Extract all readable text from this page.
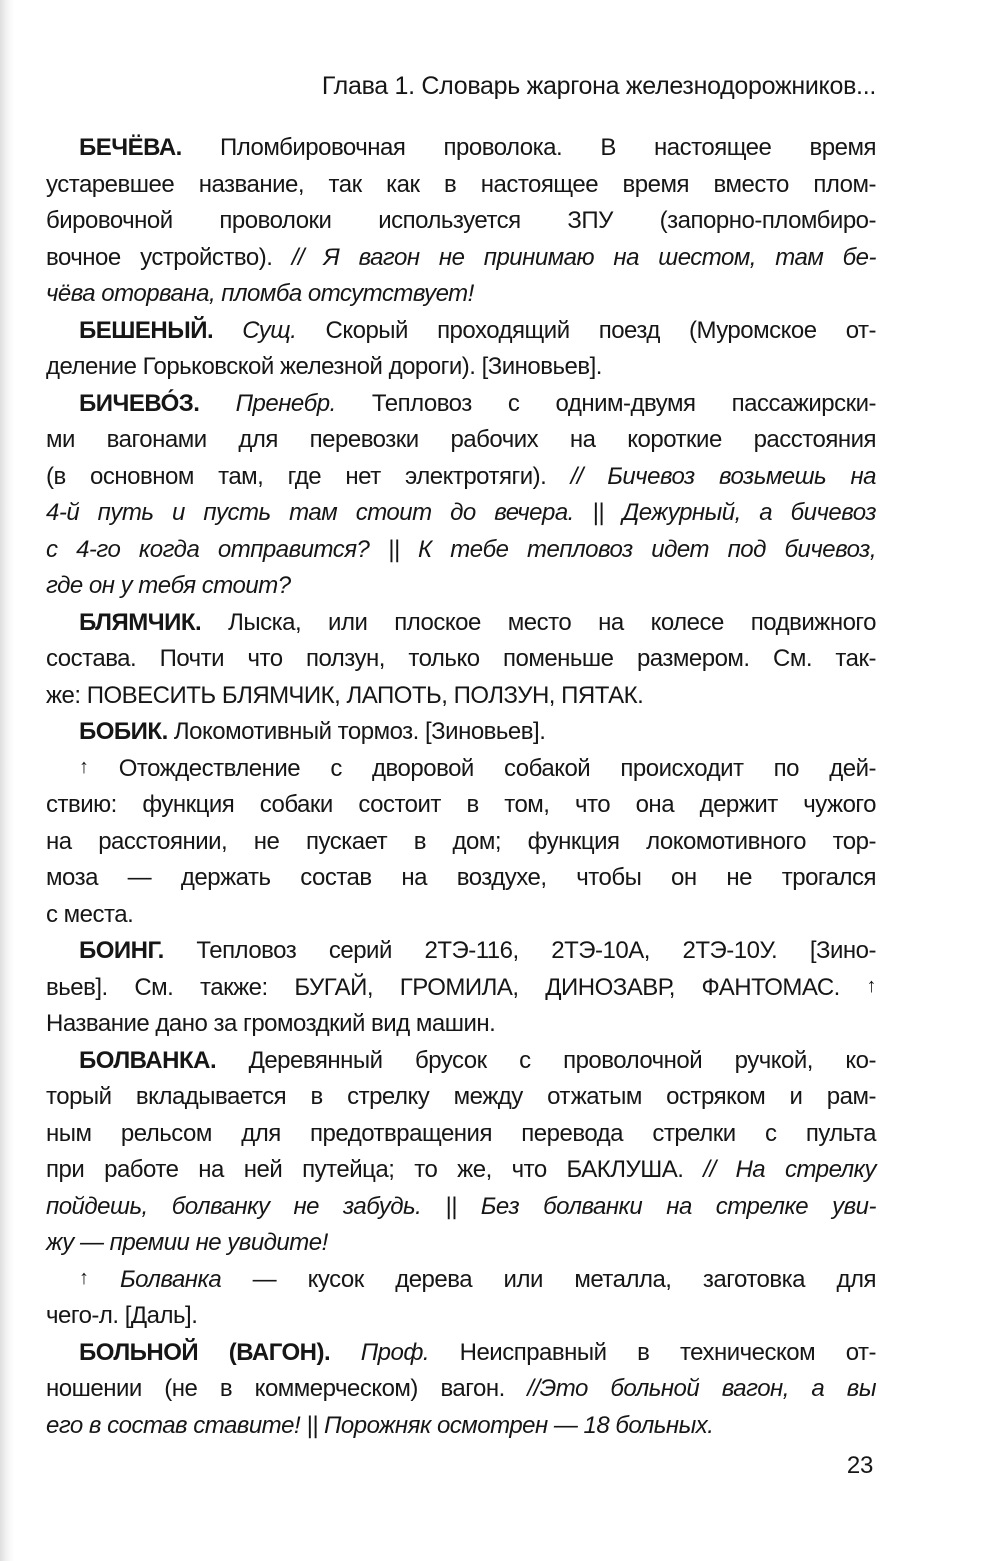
Глава 1. Словарь жаргона железнодорожников...
БЕЧЁВА. Пломбировочная проволока. В настоящее время
устаревшее название, так как в настоящее время вместо плом-
бировочной проволоки используется ЗПУ (запорно-пломбиро-
вочное устройство). // Я вагон не принимаю на шестом, там бе-
чёва оторвана, пломба отсутствует!
БЕШЕНЫЙ. Сущ. Скорый проходящий поезд (Муромское от-
деление Горьковской железной дороги). [Зиновьев].
БИЧЕВО́З. Пренебр. Тепловоз с одним-двумя пассажирски-
ми вагонами для перевозки рабочих на короткие расстояния
(в основном там, где нет электротяги). // Бичевоз возьмешь на
4-й путь и пусть там стоит до вечера. || Дежурный, а бичевоз
с 4-го когда отправится? || К тебе тепловоз идет под бичевоз,
где он у тебя стоит?
БЛЯМЧИК. Лыска, или плоское место на колесе подвижного
состава. Почти что ползун, только поменьше размером. См. так-
же: ПОВЕСИТЬ БЛЯМЧИК, ЛАПОТЬ, ПОЛЗУН, ПЯТАК.
БОБИК. Локомотивный тормоз. [Зиновьев].
↑ Отождествление с дворовой собакой происходит по дей-
ствию: функция собаки состоит в том, что она держит чужого
на расстоянии, не пускает в дом; функция локомотивного тор-
моза — держать состав на воздухе, чтобы он не трогался
с места.
БОИНГ. Тепловоз серий 2ТЭ-116, 2ТЭ-10А, 2ТЭ-10У. [Зино-
вьев]. См. также: БУГАЙ, ГРОМИЛА, ДИНОЗАВР, ФАНТОМАС. ↑
Название дано за громоздкий вид машин.
БОЛВАНКА. Деревянный брусок с проволочной ручкой, ко-
торый вкладывается в стрелку между отжатым остряком и рам-
ным рельсом для предотвращения перевода стрелки с пульта
при работе на ней путейца; то же, что БАКЛУША. // На стрелку
пойдешь, болванку не забудь. || Без болванки на стрелке уви-
жу — премии не увидите!
↑ Болванка — кусок дерева или металла, заготовка для
чего-л. [Даль].
БОЛЬНОЙ (ВАГОН). Проф. Неисправный в техническом от-
ношении (не в коммерческом) вагон. //Это больной вагон, а вы
его в состав ставите! || Порожняк осмотрен — 18 больных.
23
